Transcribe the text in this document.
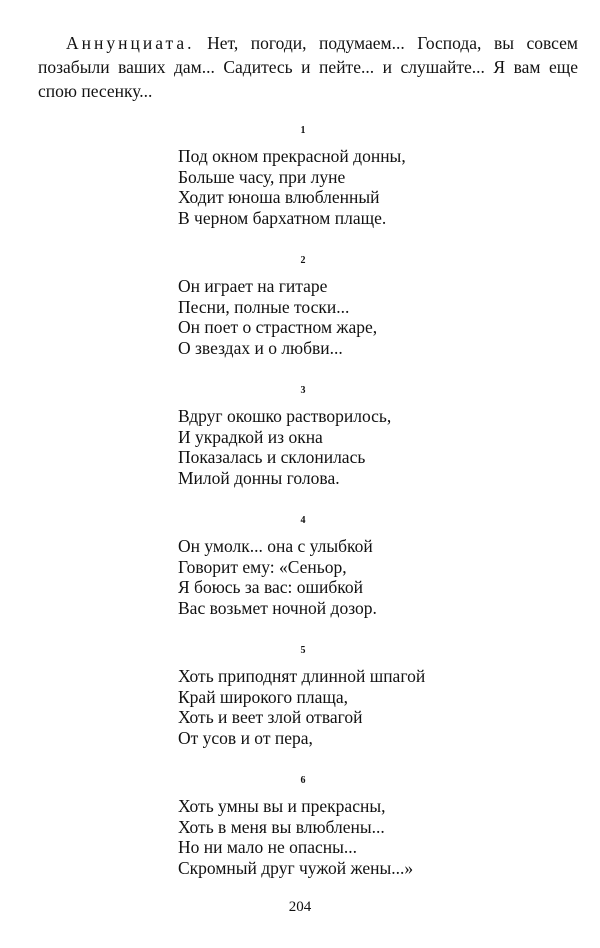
Аннунциата. Нет, погоди, подумаем... Господа, вы совсем позабыли ваших дам... Садитесь и пейте... и слушайте... Я вам еще спою песенку...

1
Под окном прекрасной донны,
Больше часу, при луне
Ходит юноша влюбленный
В черном бархатном плаще.
2
Он играет на гитаре
Песни, полные тоски...
Он поет о страстном жаре,
О звездах и о любви...
3
Вдруг окошко растворилось,
И украдкой из окна
Показалась и склонилась
Милой донны голова.
4
Он умолк... она с улыбкой
Говорит ему: «Сеньор,
Я боюсь за вас: ошибкой
Вас возьмет ночной дозор.
5
Хоть приподнят длинной шпагой
Край широкого плаща,
Хоть и веет злой отвагой
От усов и от пера,
6
Хоть умны вы и прекрасны,
Хоть в меня вы влюблены...
Но ни мало не опасны...
Скромный друг чужой жены...»
204
